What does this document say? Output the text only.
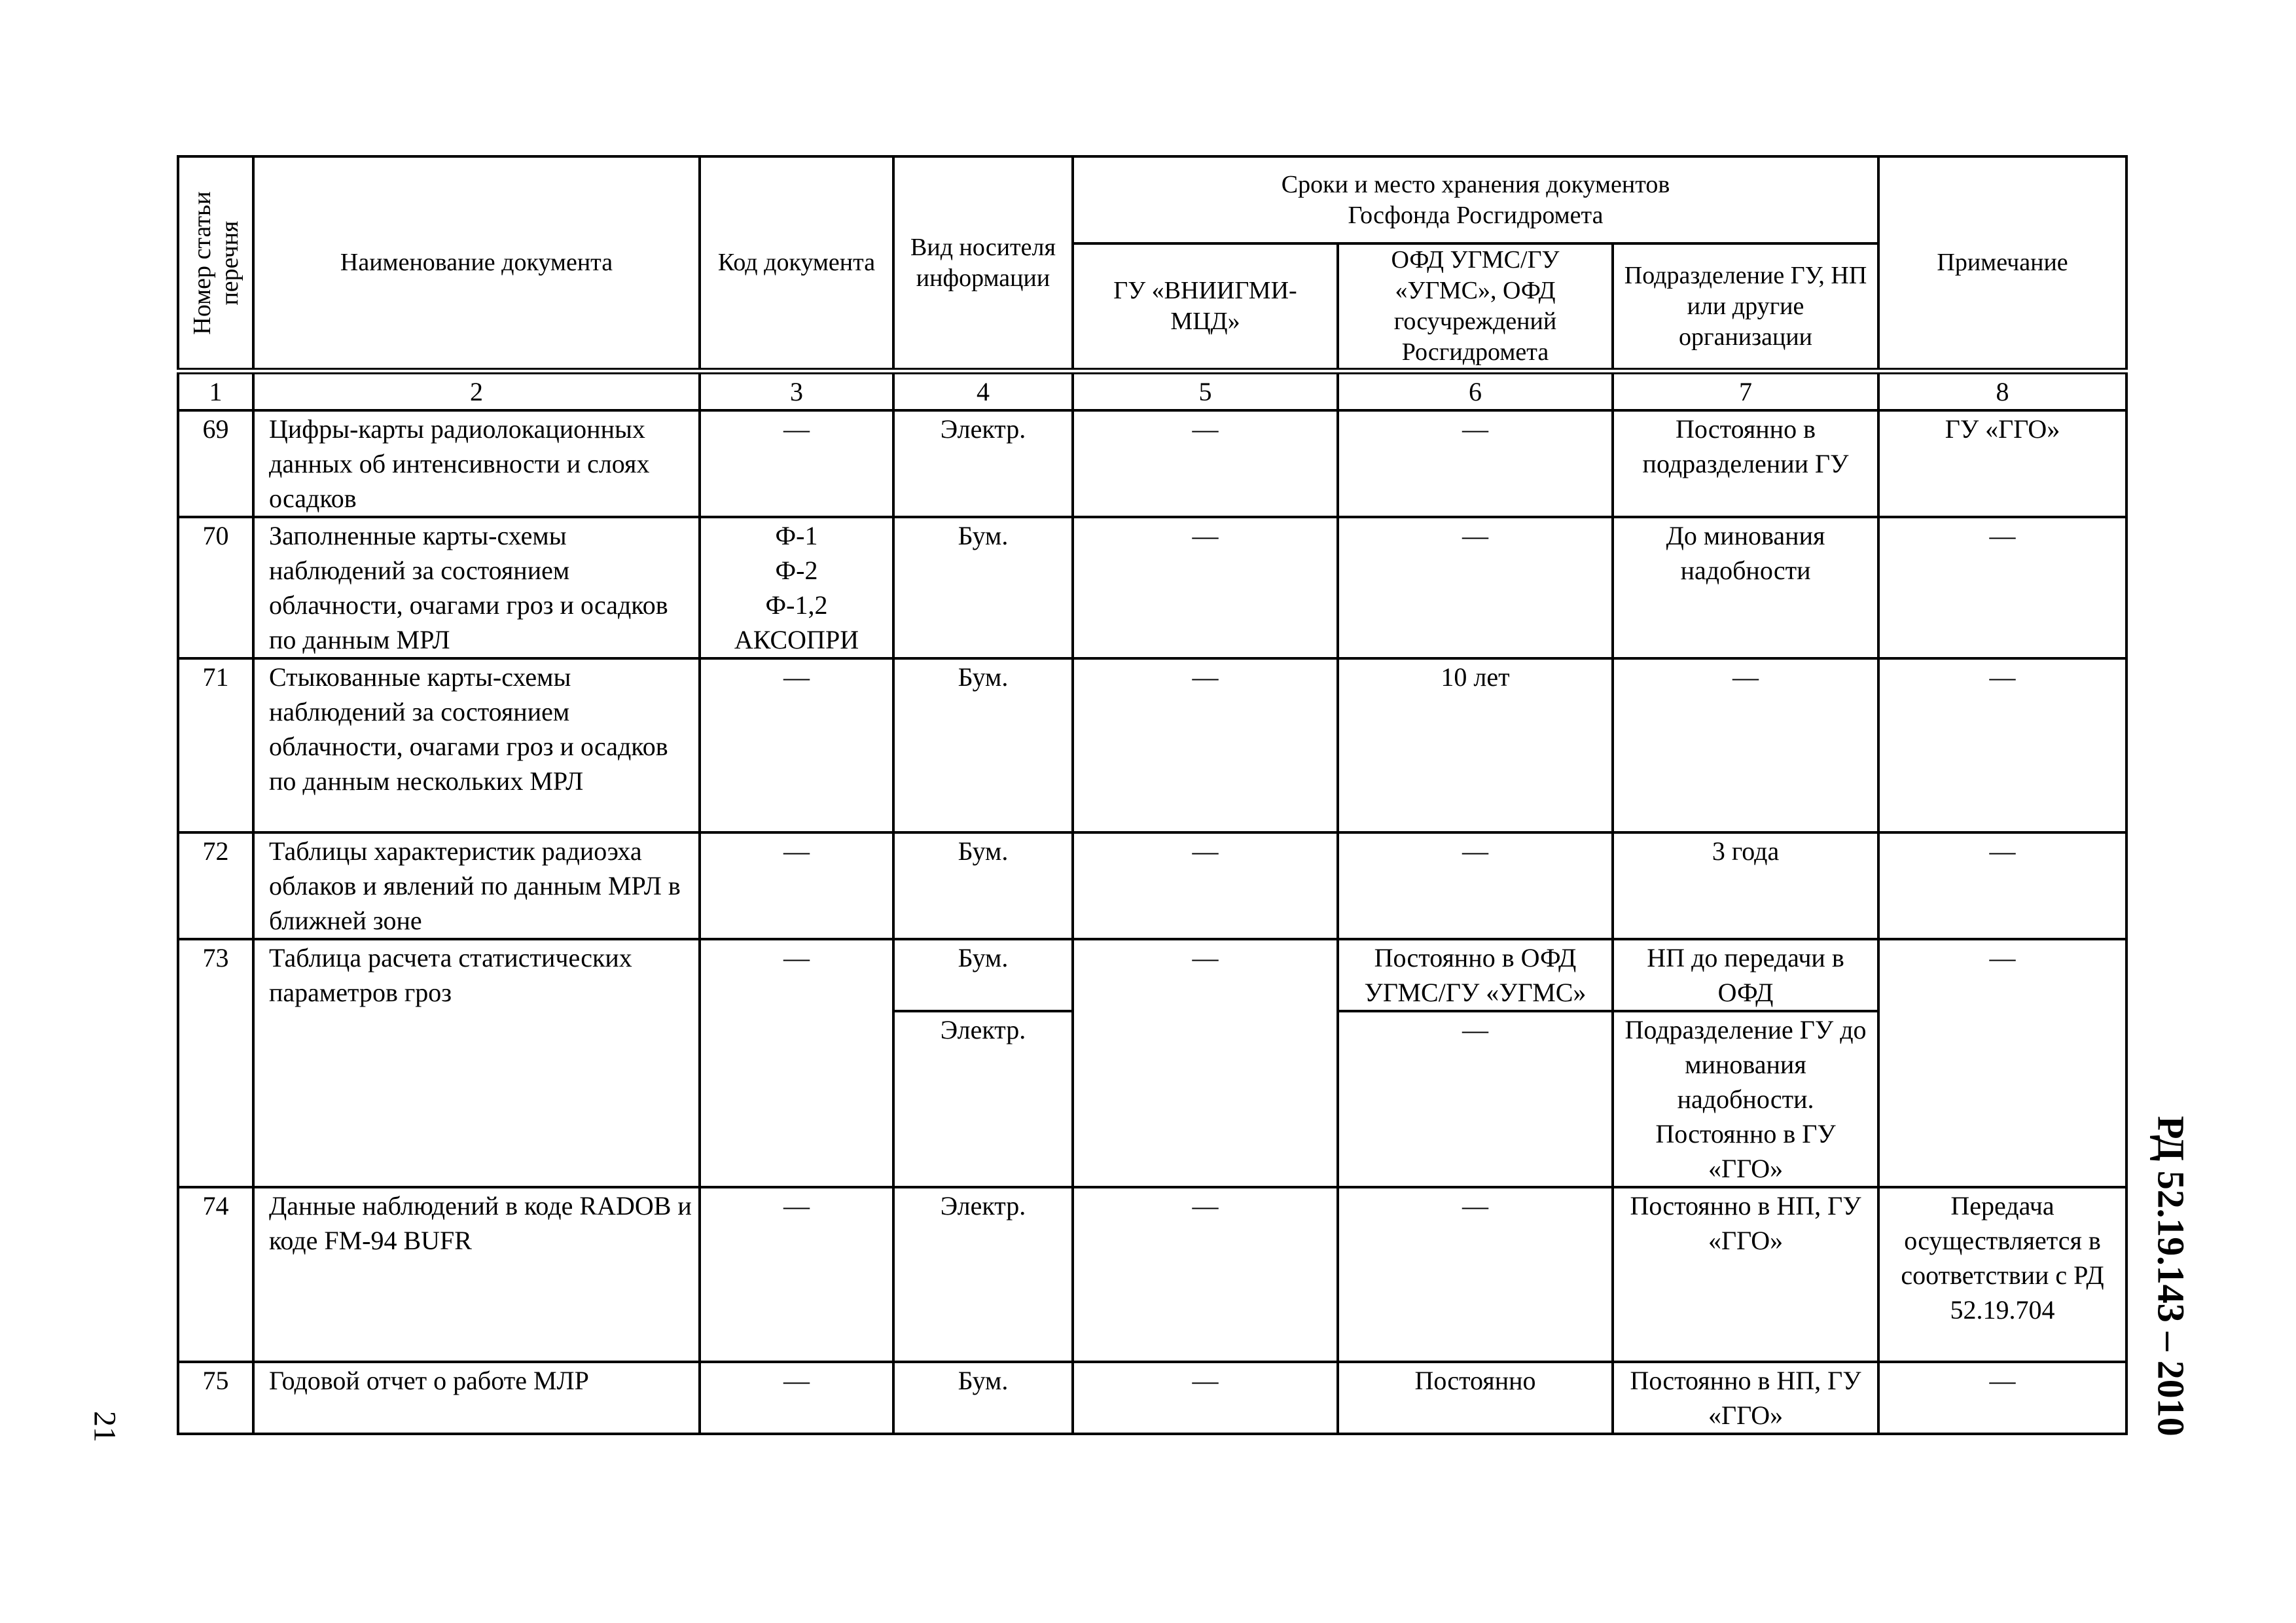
Номер статьи перечня	Наименование документа	Код документа	Вид носителя информации	Сроки и место хранения документов Госфонда Росгидромета			Примечание
				ГУ «ВНИИГМИ-МЦД»	ОФД УГМС/ГУ «УГМС», ОФД госучреждений Росгидромета	Подразделение ГУ, НП или другие организации	
1	2	3	4	5	6	7	8
69	Цифры-карты радиолокационных данных об интенсивности и слоях осадков	—	Электр.	—	—	Постоянно в подразделении ГУ	ГУ «ГГО»
70	Заполненные карты-схемы наблюдений за состоянием облачности, очагами гроз и осадков по данным МРЛ	Ф-1
Ф-2
Ф-1,2
АКСОПРИ	Бум.	—	—	До минования надобности	—
71	Стыкованные карты-схемы наблюдений за состоянием облачности, очагами гроз и осадков по данным нескольких МРЛ	—	Бум.	—	10 лет	—	—
72	Таблицы характеристик радиоэха облаков и явлений по данным МРЛ в ближней зоне	—	Бум.	—	—	3 года	—
73	Таблица расчета статистических параметров гроз	—	Бум.	—	Постоянно в ОФД УГМС/ГУ «УГМС»	НП до передачи в ОФД	—
			Электр.		—	Подразделение ГУ до минования надобности. Постоянно в ГУ «ГГО»	
74	Данные наблюдений в коде RADOB и коде FM-94 BUFR	—	Электр.	—	—	Постоянно в НП, ГУ «ГГО»	Передача осуществляется в соответствии с РД 52.19.704
75	Годовой отчет о работе МЛР	—	Бум.	—	Постоянно	Постоянно в НП, ГУ «ГГО»	—	РД 52.19.143 – 2010
21
